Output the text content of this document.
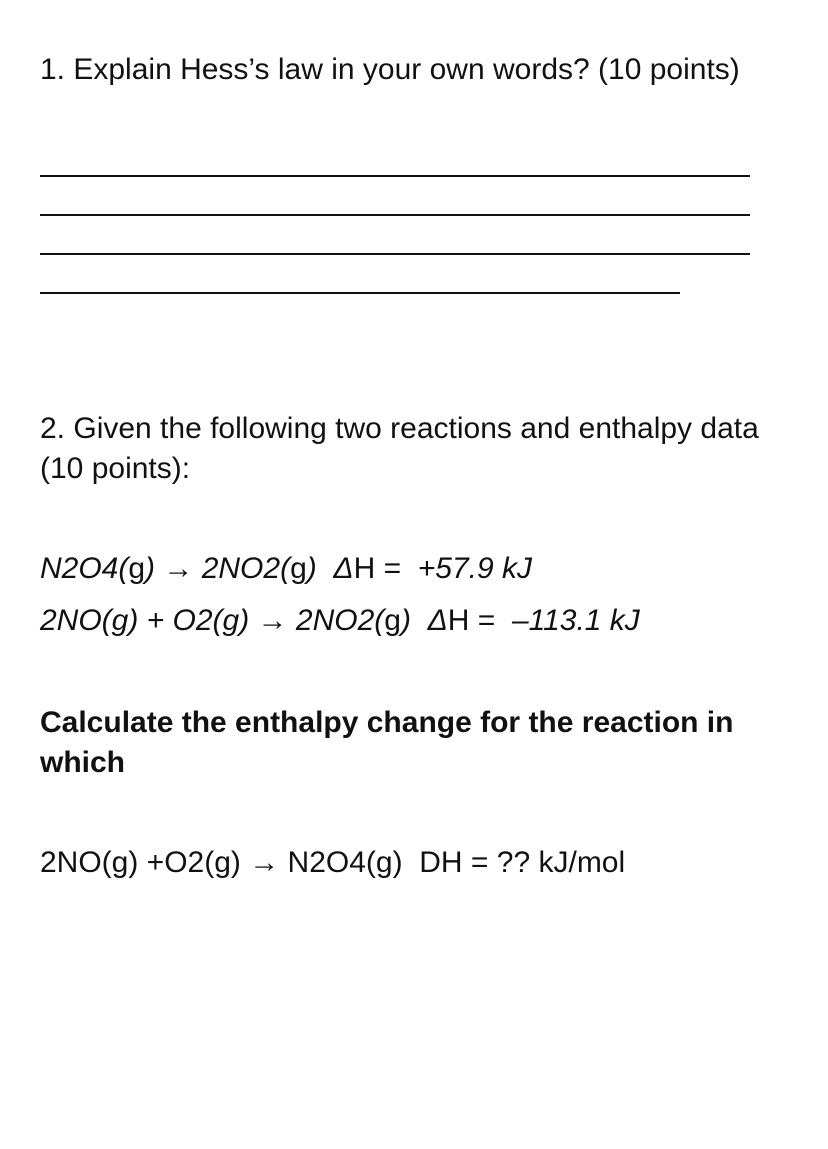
1. Explain Hess’s law in your own words? (10 points)

2. Given the following two reactions and enthalpy data (10 points):

N2O4(g) → 2NO2(g)  ΔH =  +57.9 kJ

2NO(g) + O2(g) → 2NO2(g)  ΔH =  –113.1 kJ

Calculate the enthalpy change for the reaction in which

2NO(g) +O2(g) → N2O4(g)  DH = ?? kJ/mol
